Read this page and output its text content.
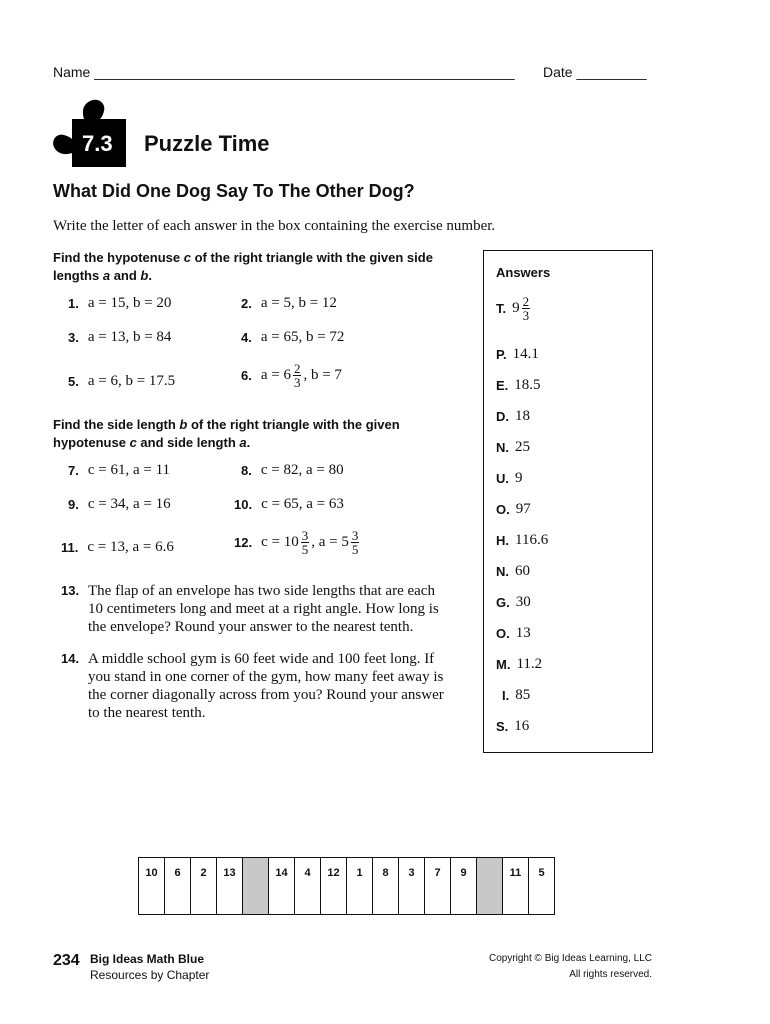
Name ______________________________________________________ Date _________
7.3 Puzzle Time
What Did One Dog Say To The Other Dog?
Write the letter of each answer in the box containing the exercise number.
Find the hypotenuse c of the right triangle with the given side lengths a and b.
1. a = 15, b = 20	2. a = 5, b = 12
3. a = 13, b = 84	4. a = 65, b = 72
5. a = 6, b = 17.5	6. $a = 6 \frac{2}{3}$ , b = 7
Find the side length b of the right triangle with the given hypotenuse c and side length a.
7. c = 61, a = 11	8. c = 82, a = 80
9. c = 34, a = 16	10. c = 65, a = 63
11. c = 13, a = 6.6	12. $c = 10 \frac{3}{5}$ , $a = 5 \frac{3}{5}$
13. The flap of an envelope has two side lengths that are each 10 centimeters long and meet at a right angle. How long is the envelope? Round your answer to the nearest tenth.
14. A middle school gym is 60 feet wide and 100 feet long. If you stand in one corner of the gym, how many feet away is the corner diagonally across from you? Round your answer to the nearest tenth.
Answers
T. $9 \frac{2}{3}$
P. 14.1
E. 18.5
D. 18
N. 25
U. 9
O. 97
H. 116.6
N. 60
G. 30
O. 13
M. 11.2
I. 85
S. 16
10	6	2	13		14	4	12	1	8	3	7	9		11	5
234 Big Ideas Math Blue
Resources by Chapter
Copyright © Big Ideas Learning, LLC
All rights reserved.
